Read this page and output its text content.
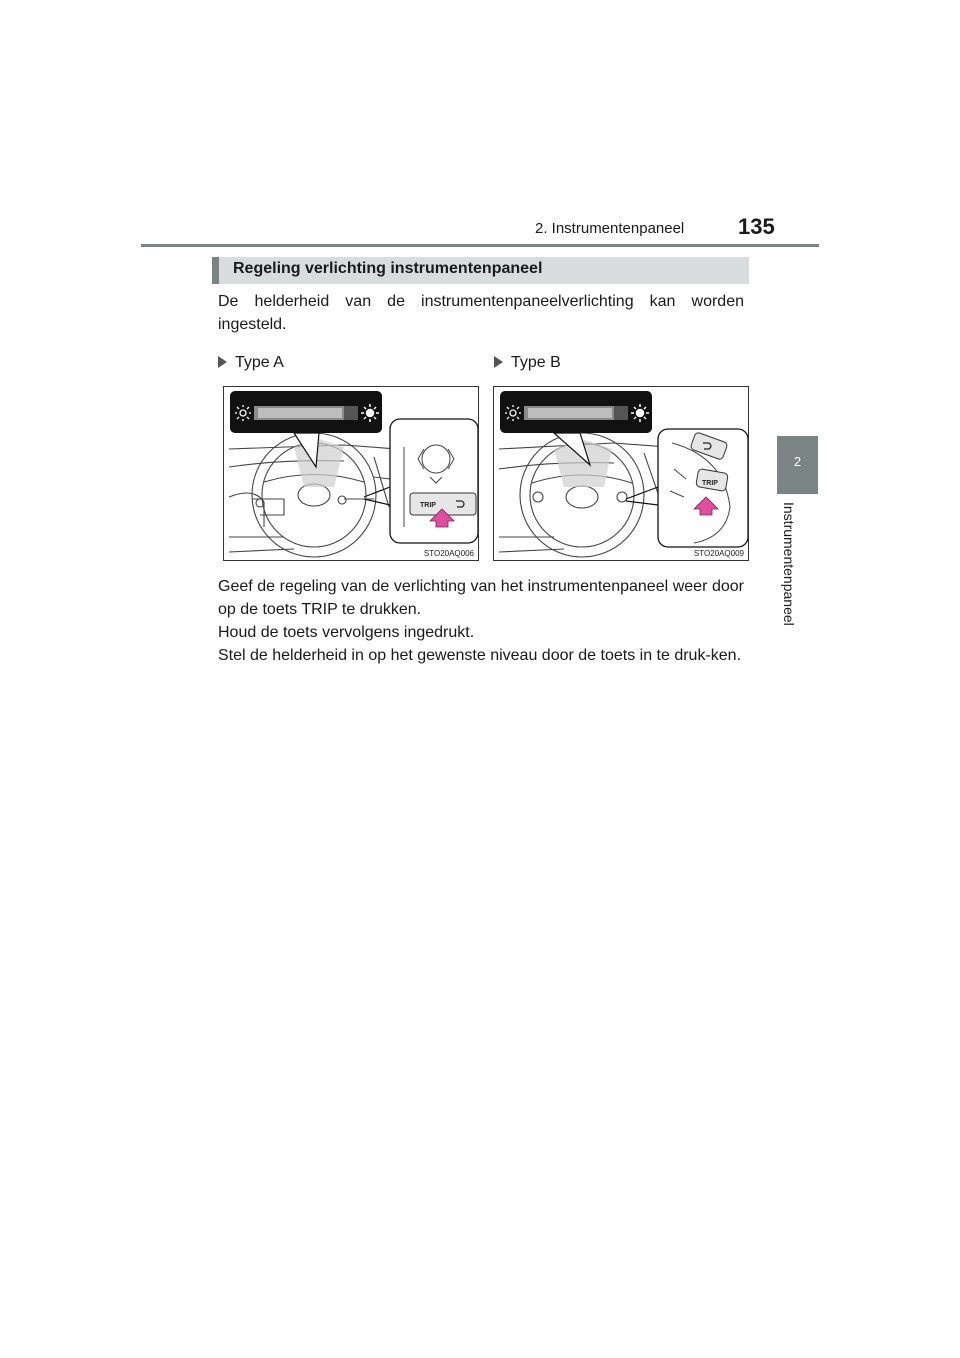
2. Instrumentenpaneel 135
2
Instrumentenpaneel
Regeling verlichting instrumentenpaneel
De helderheid van de instrumentenpaneelverlichting kan worden ingesteld.
Type A	Type B
TRIP
STO20AQ006
TRIP
STO20AQ009
Geef de regeling van de verlichting van het instrumentenpaneel weer door op de toets TRIP te drukken.
Houd de toets vervolgens ingedrukt.
Stel de helderheid in op het gewenste niveau door de toets in te druk-ken.
